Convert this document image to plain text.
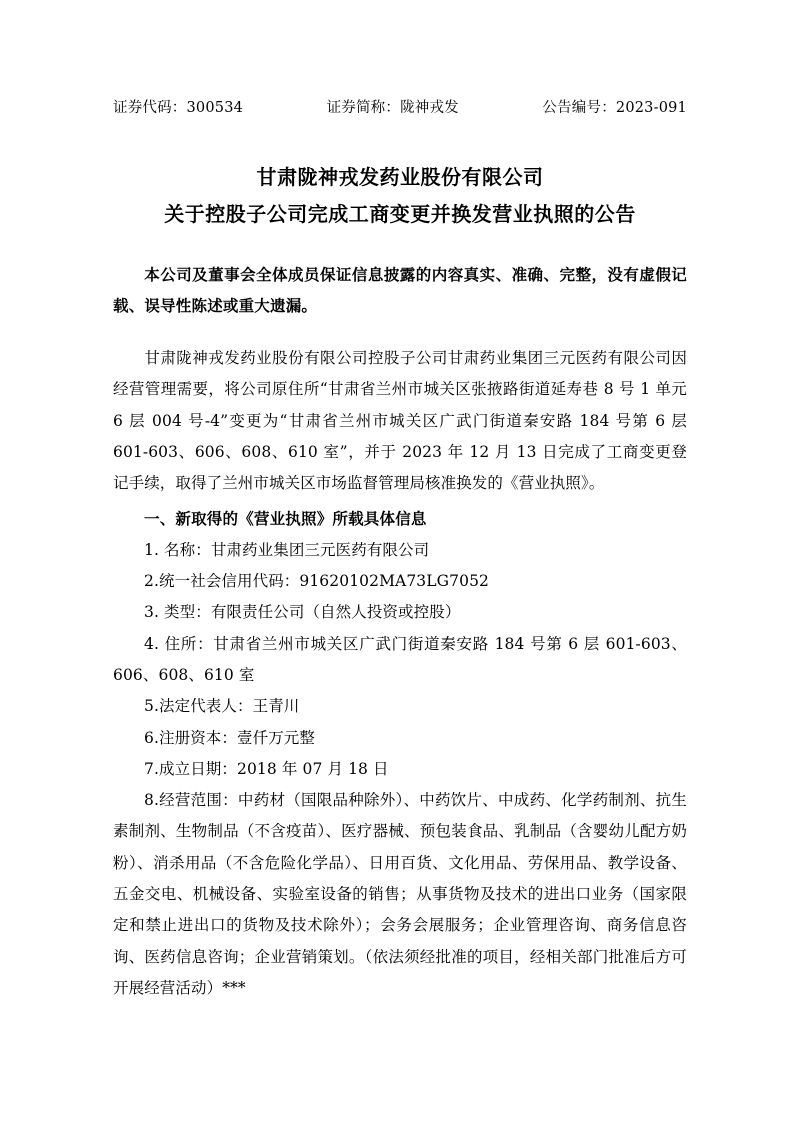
证券代码：300534	证券简称：陇神戎发	公告编号：2023-091
甘肃陇神戎发药业股份有限公司
关于控股子公司完成工商变更并换发营业执照的公告
本公司及董事会全体成员保证信息披露的内容真实、准确、完整，没有虚假记载、误导性陈述或重大遗漏。

甘肃陇神戎发药业股份有限公司控股子公司甘肃药业集团三元医药有限公司因经营管理需要，将公司原住所“甘肃省兰州市城关区张掖路街道延寿巷 8 号 1 单元 6 层 004 号-4”变更为“甘肃省兰州市城关区广武门街道秦安路 184 号第 6 层 601-603、606、608、610 室”，并于 2023 年 12 月 13 日完成了工商变更登记手续，取得了兰州市城关区市场监督管理局核准换发的《营业执照》。

一、新取得的《营业执照》所载具体信息

1. 名称：甘肃药业集团三元医药有限公司

2.统一社会信用代码：91620102MA73LG7052

3. 类型：有限责任公司（自然人投资或控股）

4. 住所：甘肃省兰州市城关区广武门街道秦安路 184 号第 6 层 601-603、606、608、610 室

5.法定代表人：王青川

6.注册资本：壹仟万元整

7.成立日期：2018 年 07 月 18 日

8.经营范围：中药材（国限品种除外）、中药饮片、中成药、化学药制剂、抗生素制剂、生物制品（不含疫苗）、医疗器械、预包装食品、乳制品（含婴幼儿配方奶粉）、消杀用品（不含危险化学品）、日用百货、文化用品、劳保用品、教学设备、五金交电、机械设备、实验室设备的销售；从事货物及技术的进出口业务（国家限定和禁止进出口的货物及技术除外）；会务会展服务；企业管理咨询、商务信息咨询、医药信息咨询；企业营销策划。（依法须经批准的项目，经相关部门批准后方可开展经营活动）***
